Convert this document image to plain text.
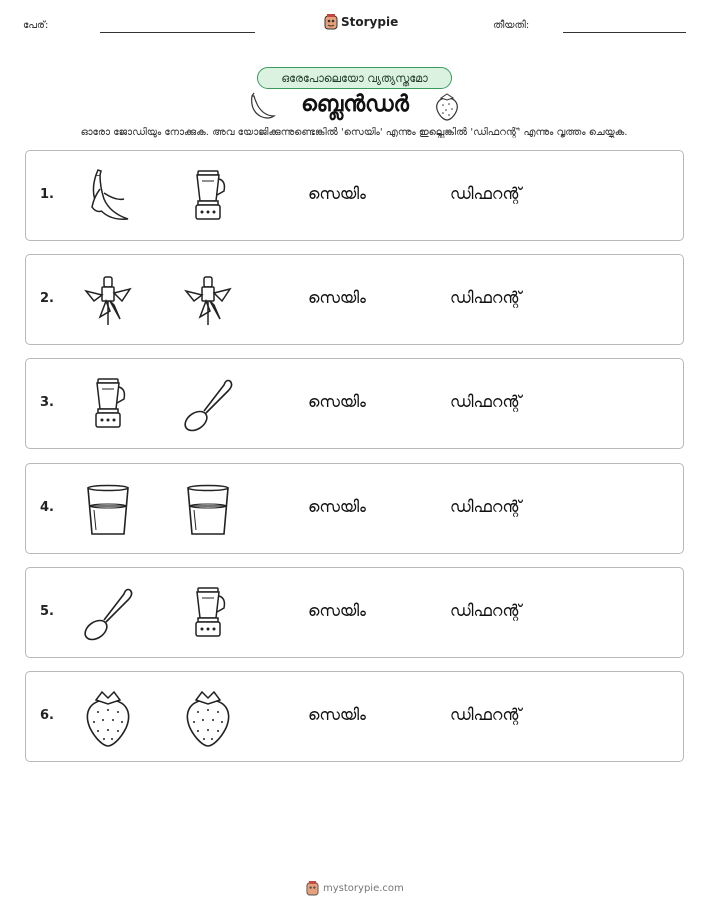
പേര്:	Storypie	തീയതി:
ഒരേപോലെയോ വ്യത്യസ്തമോ
ബ്ലെൻഡർ
ഓരോ ജോഡിയും നോക്കുക. അവ യോജിക്കുന്നുണ്ടെങ്കിൽ 'സെയിം' എന്നും ഇല്ലെങ്കിൽ 'ഡിഫറന്റ്' എന്നും വൃത്തം ചെയ്യുക.
1.	സെയിം	ഡിഫറന്റ്
2.	സെയിം	ഡിഫറന്റ്
3.	സെയിം	ഡിഫറന്റ്
4.	സെയിം	ഡിഫറന്റ്
5.	സെയിം	ഡിഫറന്റ്
6.	സെയിം	ഡിഫറന്റ്
mystorypie.com
